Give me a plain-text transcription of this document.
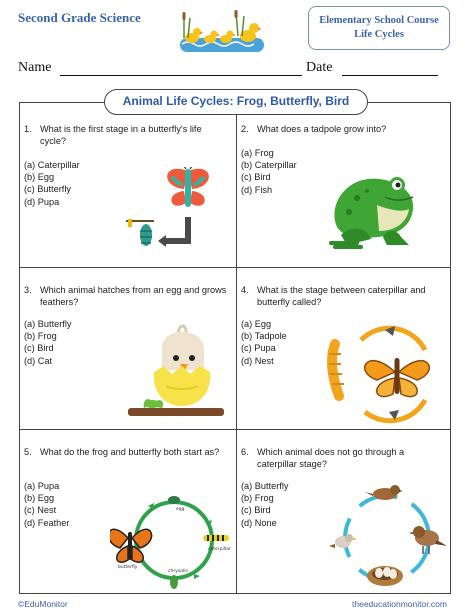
Second Grade Science	Elementary School Course
Life Cycles
Name	Date
Animal Life Cycles: Frog, Butterfly, Bird
1. What is the first stage in a butterfly's life cycle?
(a) Caterpillar
(b) Egg
(c) Butterfly
(d) Pupa
2. What does a tadpole grow into?
(a) Frog
(b) Caterpillar
(c) Bird
(d) Fish
3. Which animal hatches from an egg and grows feathers?
(a) Butterfly
(b) Frog
(c) Bird
(d) Cat
4. What is the stage between caterpillar and butterfly called?
(a) Egg
(b) Tadpole
(c) Pupa
(d) Nest
5. What do the frog and butterfly both start as?
(a) Pupa
(b) Egg
(c) Nest
(d) Feather
egg
caterpillar
chrysalis
butterfly
6. Which animal does not go through a caterpillar stage?
(a) Butterfly
(b) Frog
(c) Bird
(d) None
©EduMonitor	theeducationmonitor.com
